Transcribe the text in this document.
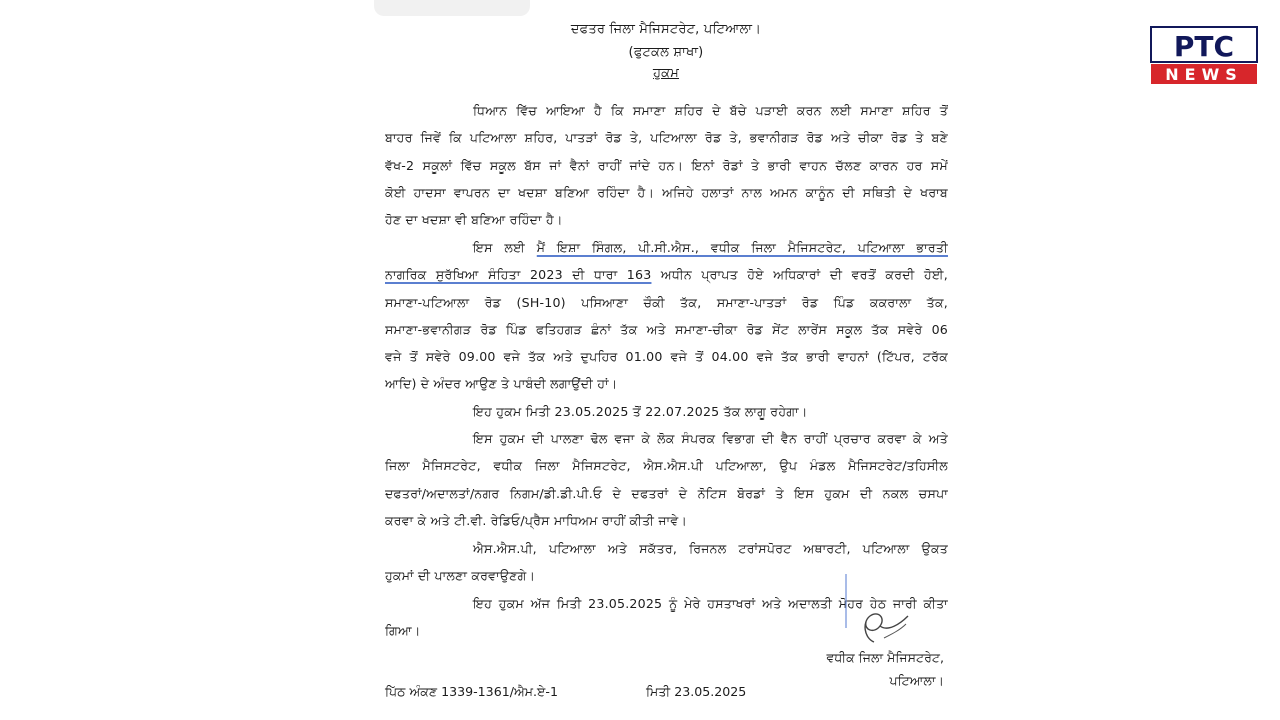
ਦਫਤਰ ਜਿਲਾ ਮੈਜਿਸਟਰੇਟ, ਪਟਿਆਲਾ।
(ਫੁਟਕਲ ਸ਼ਾਖਾ)
ਹੁਕਮ
ਧਿਆਨ ਵਿੱਚ ਆਇਆ ਹੈ ਕਿ ਸਮਾਣਾ ਸ਼ਹਿਰ ਦੇ ਬੱਚੇ ਪੜਾਈ ਕਰਨ ਲਈ ਸਮਾਣਾ ਸ਼ਹਿਰ ਤੋਂ
ਬਾਹਰ ਜਿਵੇਂ ਕਿ ਪਟਿਆਲਾ ਸ਼ਹਿਰ, ਪਾਤੜਾਂ ਰੋਡ ਤੇ, ਪਟਿਆਲਾ ਰੋਡ ਤੇ, ਭਵਾਨੀਗੜ ਰੋਡ ਅਤੇ ਚੀਕਾ ਰੋਡ ਤੇ ਬਣੇ
ਵੱਖ-2 ਸਕੂਲਾਂ ਵਿੱਚ ਸਕੂਲ ਬੱਸ ਜਾਂ ਵੈਨਾਂ ਰਾਹੀਂ ਜਾਂਦੇ ਹਨ। ਇਨਾਂ ਰੋਡਾਂ ਤੇ ਭਾਰੀ ਵਾਹਨ ਚੱਲਣ ਕਾਰਨ ਹਰ ਸਮੇਂ
ਕੋਈ ਹਾਦਸਾ ਵਾਪਰਨ ਦਾ ਖਦਸ਼ਾ ਬਣਿਆ ਰਹਿੰਦਾ ਹੈ। ਅਜਿਹੇ ਹਲਾਤਾਂ ਨਾਲ ਅਮਨ ਕਾਨੂੰਨ ਦੀ ਸਥਿਤੀ ਦੇ ਖਰਾਬ
ਹੋਣ ਦਾ ਖਦਸ਼ਾ ਵੀ ਬਣਿਆ ਰਹਿੰਦਾ ਹੈ।
ਇਸ ਲਈ ਮੈਂ ਇਸ਼ਾ ਸਿੰਗਲ, ਪੀ.ਸੀ.ਐਸ., ਵਧੀਕ ਜਿਲਾ ਮੈਜਿਸਟਰੇਟ, ਪਟਿਆਲਾ ਭਾਰਤੀ
ਨਾਗਰਿਕ ਸੁਰੱਖਿਆ ਸੰਹਿਤਾ 2023 ਦੀ ਧਾਰਾ 163 ਅਧੀਨ ਪ੍ਰਾਪਤ ਹੋਏ ਅਧਿਕਾਰਾਂ ਦੀ ਵਰਤੋਂ ਕਰਦੀ ਹੋਈ,
ਸਮਾਣਾ-ਪਟਿਆਲਾ ਰੋਡ (SH-10) ਪਸਿਆਣਾ ਚੌਕੀ ਤੱਕ, ਸਮਾਣਾ-ਪਾਤੜਾਂ ਰੋਡ ਪਿੰਡ ਕਕਰਾਲਾ ਤੱਕ,
ਸਮਾਣਾ-ਭਵਾਨੀਗੜ ਰੋਡ ਪਿੰਡ ਫਤਿਹਗੜ ਛੰਨਾਂ ਤੱਕ ਅਤੇ ਸਮਾਣਾ-ਚੀਕਾ ਰੋਡ ਸੇਂਟ ਲਾਰੇਂਸ ਸਕੂਲ ਤੱਕ ਸਵੇਰੇ 06
ਵਜੇ ਤੋਂ ਸਵੇਰੇ 09.00 ਵਜੇ ਤੱਕ ਅਤੇ ਦੁਪਹਿਰ 01.00 ਵਜੇ ਤੋਂ 04.00 ਵਜੇ ਤੱਕ ਭਾਰੀ ਵਾਹਨਾਂ (ਟਿੱਪਰ, ਟਰੱਕ
ਆਦਿ) ਦੇ ਅੰਦਰ ਆਉਣ ਤੇ ਪਾਬੰਦੀ ਲਗਾਉਂਦੀ ਹਾਂ।
ਇਹ ਹੁਕਮ ਮਿਤੀ 23.05.2025 ਤੋਂ 22.07.2025 ਤੱਕ ਲਾਗੂ ਰਹੇਗਾ।
ਇਸ ਹੁਕਮ ਦੀ ਪਾਲਣਾ ਢੋਲ ਵਜਾ ਕੇ ਲੋਕ ਸੰਪਰਕ ਵਿਭਾਗ ਦੀ ਵੈਨ ਰਾਹੀਂ ਪ੍ਰਚਾਰ ਕਰਵਾ ਕੇ ਅਤੇ
ਜਿਲਾ ਮੈਜਿਸਟਰੇਟ, ਵਧੀਕ ਜਿਲਾ ਮੈਜਿਸਟਰੇਟ, ਐਸ.ਐਸ.ਪੀ ਪਟਿਆਲਾ, ਉਪ ਮੰਡਲ ਮੈਜਿਸਟਰੇਟ/ਤਹਿਸੀਲ
ਦਫਤਰਾਂ/ਅਦਾਲਤਾਂ/ਨਗਰ ਨਿਗਮ/ਡੀ.ਡੀ.ਪੀ.ਓ ਦੇ ਦਫਤਰਾਂ ਦੇ ਨੋਟਿਸ ਬੋਰਡਾਂ ਤੇ ਇਸ ਹੁਕਮ ਦੀ ਨਕਲ ਚਸਪਾ
ਕਰਵਾ ਕੇ ਅਤੇ ਟੀ.ਵੀ. ਰੇਡਿਓ/ਪ੍ਰੈਸ ਮਾਧਿਅਮ ਰਾਹੀਂ ਕੀਤੀ ਜਾਵੇ।
ਐਸ.ਐਸ.ਪੀ, ਪਟਿਆਲਾ ਅਤੇ ਸਕੱਤਰ, ਰਿਜਨਲ ਟਰਾਂਸਪੋਰਟ ਅਥਾਰਟੀ, ਪਟਿਆਲਾ ਉਕਤ
ਹੁਕਮਾਂ ਦੀ ਪਾਲਣਾ ਕਰਵਾਉਣਗੇ।
ਇਹ ਹੁਕਮ ਅੱਜ ਮਿਤੀ 23.05.2025 ਨੂੰ ਮੇਰੇ ਹਸਤਾਖਰਾਂ ਅਤੇ ਅਦਾਲਤੀ ਮੋਹਰ ਹੇਠ ਜਾਰੀ ਕੀਤਾ
ਗਿਆ।
ਵਧੀਕ ਜਿਲਾ ਮੈਜਿਸਟਰੇਟ,
ਪਟਿਆਲਾ।
ਪਿੱਠ ਅੰਕਣ 1339-1361/ਐਮ.ਏ-1	ਮਿਤੀ 23.05.2025
PTC
NEWS
